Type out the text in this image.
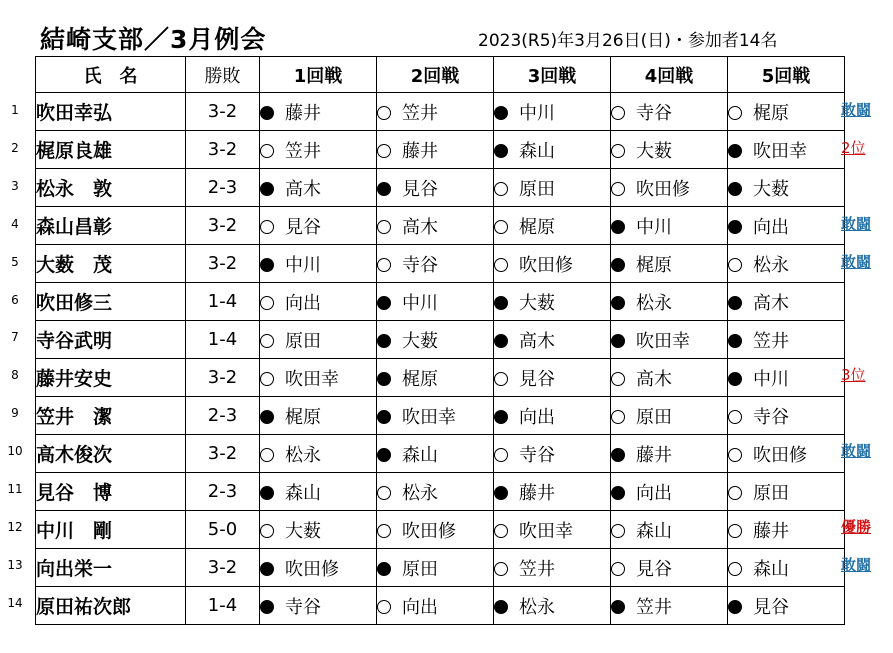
結崎支部／3月例会	2023(R5)年3月26日(日)・参加者14名
氏　名	勝敗	1回戦	2回戦	3回戦	4回戦	5回戦
吹田幸弘	3-2	藤井	笠井	中川	寺谷	梶原
梶原良雄	3-2	笠井	藤井	森山	大薮	吹田幸
松永　敦	2-3	高木	見谷	原田	吹田修	大薮
森山昌彰	3-2	見谷	高木	梶原	中川	向出
大薮　茂	3-2	中川	寺谷	吹田修	梶原	松永
吹田修三	1-4	向出	中川	大薮	松永	高木
寺谷武明	1-4	原田	大薮	高木	吹田幸	笠井
藤井安史	3-2	吹田幸	梶原	見谷	高木	中川
笠井　潔	2-3	梶原	吹田幸	向出	原田	寺谷
高木俊次	3-2	松永	森山	寺谷	藤井	吹田修
見谷　博	2-3	森山	松永	藤井	向出	原田
中川　剛	5-0	大薮	吹田修	吹田幸	森山	藤井
向出栄一	3-2	吹田修	原田	笠井	見谷	森山
原田祐次郎	1-4	寺谷	向出	松永	笠井	見谷
1	敢闘
2	2位
3
4	敢闘
5	敢闘
6
7
8	3位
9
10	敢闘
11
12	優勝
13	敢闘
14
